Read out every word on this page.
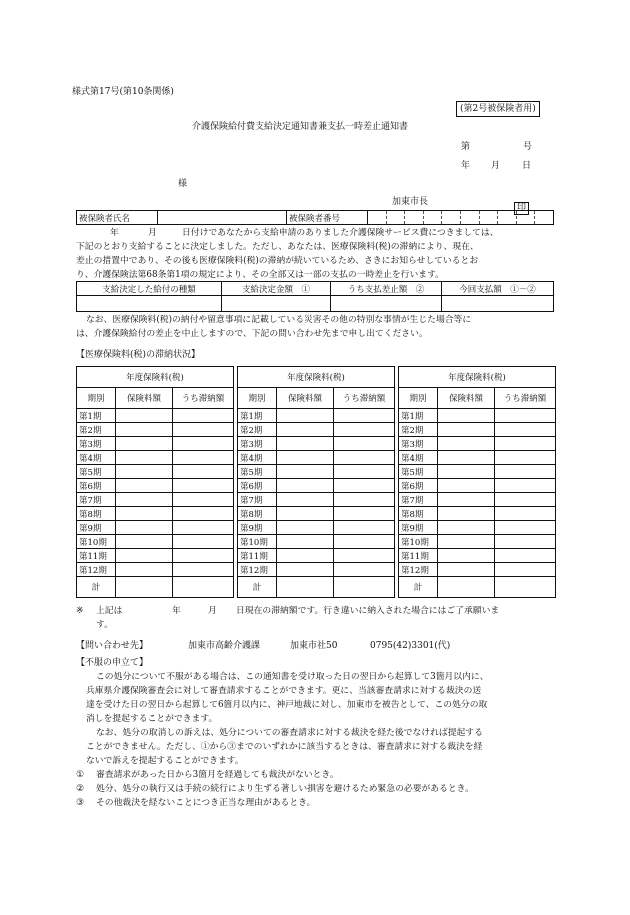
様式第17号(第10条関係)
(第2号被保険者用)
介護保険給付費支給決定通知書兼支払一時差止通知書
第	号
年 月 日
様
加東市長
印
被保険者氏名		被保険者番号	
年	月	日付けであなたから支給申請のありました介護保険サービス費につきましては、
下記のとおり支給することに決定しました。ただし、あなたは、医療保険料(税)の滞納により、現在、
差止の措置中であり、その後も医療保険料(税)の滞納が続いているため、さきにお知らせしているとお
り、介護保険法第68条第1項の規定により、その全部又は一部の支払の一時差止を行います。
支給決定した給付の種類	支給決定金額　①	うち支払差止額　②	今回支払額　①－②

なお、医療保険料(税)の納付や留意事項に記載している災害その他の特別な事情が生じた場合等に
は、介護保険給付の差止を中止しますので、下記の問い合わせ先まで申し出てください。
【医療保険料(税)の滞納状況】
年度保険料(税)		
期別	保険料額	うち滞納額
第1期		
第2期		
第3期		
第4期		
第5期		
第6期		
第7期		
第8期		
第9期		
第10期		
第11期		
第12期		
計		
年度保険料(税)		
期別	保険料額	うち滞納額
第1期		
第2期		
第3期		
第4期		
第5期		
第6期		
第7期		
第8期		
第9期		
第10期		
第11期		
第12期		
計		
年度保険料(税)		
期別	保険料額	うち滞納額
第1期		
第2期		
第3期		
第4期		
第5期		
第6期		
第7期		
第8期		
第9期		
第10期		
第11期		
第12期		
計		
※ 上記は	年	月 日現在の滞納額です。行き違いに納入された場合にはご了承願いま
す。
【問い合わせ先】	加東市高齢介護課	加東市社50	0795(42)3301(代)
【不服の申立て】
この処分について不服がある場合は、この通知書を受け取った日の翌日から起算して3箇月以内に、
兵庫県介護保険審査会に対して審査請求することができます。更に、当該審査請求に対する裁決の送
達を受けた日の翌日から起算して6箇月以内に、神戸地裁に対し、加東市を被告として、この処分の取
消しを提起することができます。
なお、処分の取消しの訴えは、処分についての審査請求に対する裁決を経た後でなければ提起する
ことができません。ただし、①から③までのいずれかに該当するときは、審査請求に対する裁決を経
ないで訴えを提起することができます。
① 審査請求があった日から3箇月を経過しても裁決がないとき。
② 処分、処分の執行又は手続の続行により生ずる著しい損害を避けるため緊急の必要があるとき。
③ その他裁決を経ないことにつき正当な理由があるとき。
